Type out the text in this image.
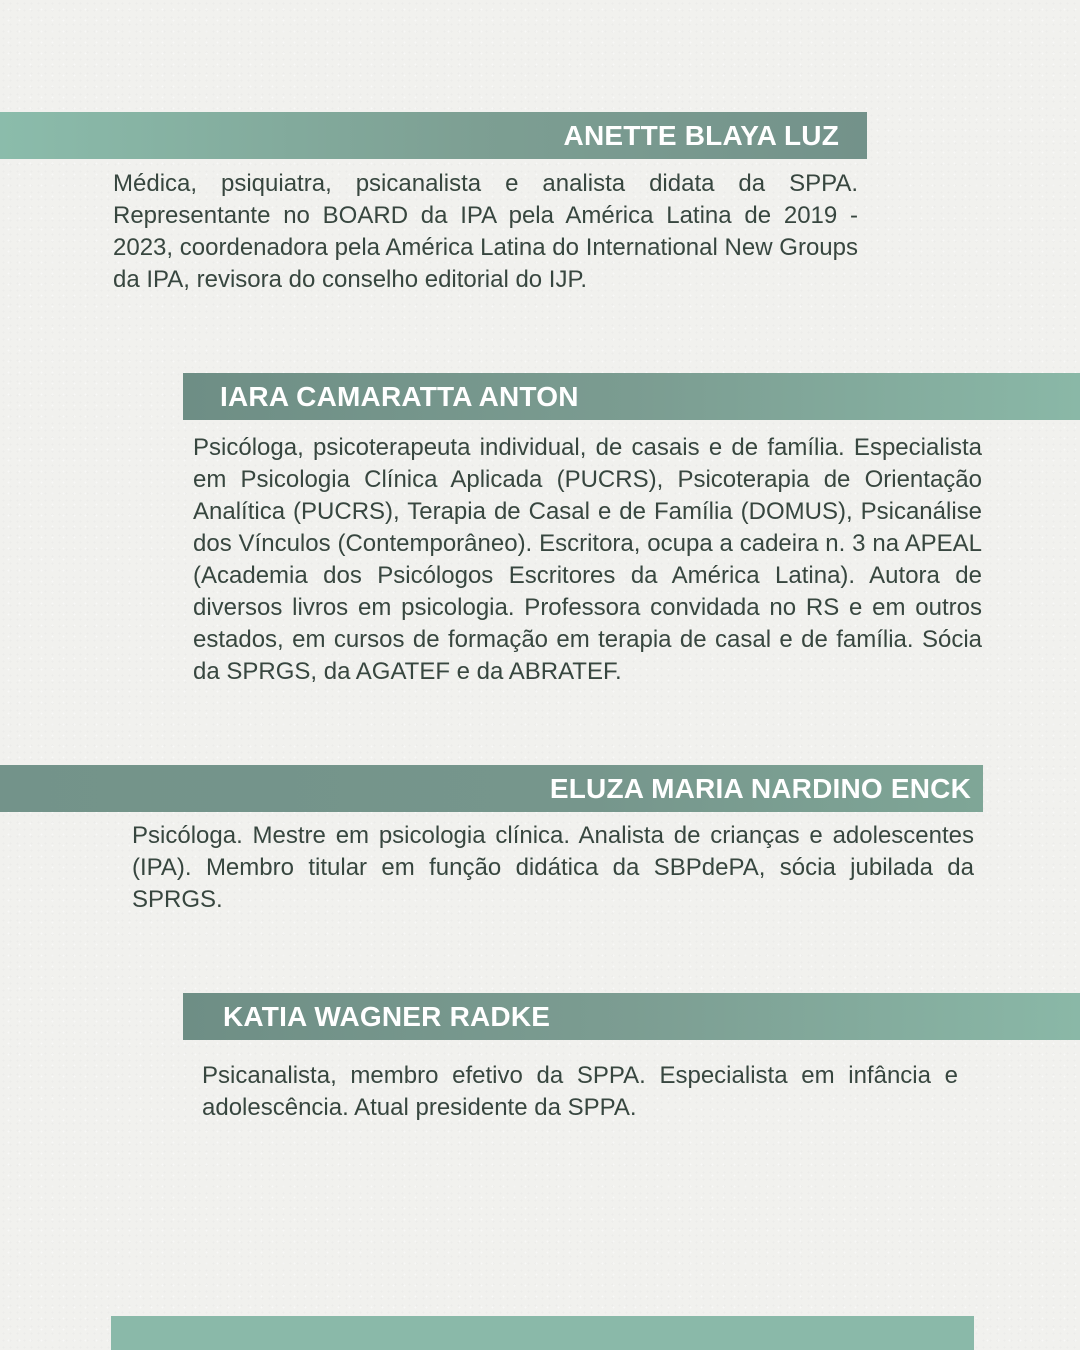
ANETTE BLAYA LUZ

Médica, psiquiatra, psicanalista e analista didata da SPPA. Representante no BOARD da IPA pela América Latina de 2019 - 2023, coordenadora pela América Latina do International New Groups da IPA, revisora do conselho editorial do IJP.

IARA CAMARATTA ANTON

Psicóloga, psicoterapeuta individual, de casais e de família. Especialista em Psicologia Clínica Aplicada (PUCRS), Psicoterapia de Orientação Analítica (PUCRS), Terapia de Casal e de Família (DOMUS), Psicanálise dos Vínculos (Contemporâneo). Escritora, ocupa a cadeira n. 3 na APEAL (Academia dos Psicólogos Escritores da América Latina). Autora de diversos livros em psicologia. Professora convidada no RS e em outros estados, em cursos de formação em terapia de casal e de família. Sócia da SPRGS, da AGATEF e da ABRATEF.

ELUZA MARIA NARDINO ENCK

Psicóloga. Mestre em psicologia clínica. Analista de crianças e adolescentes (IPA). Membro titular em função didática da SBPdePA, sócia jubilada da SPRGS.

KATIA WAGNER RADKE

Psicanalista, membro efetivo da SPPA. Especialista em infância e adolescência. Atual presidente da SPPA.
